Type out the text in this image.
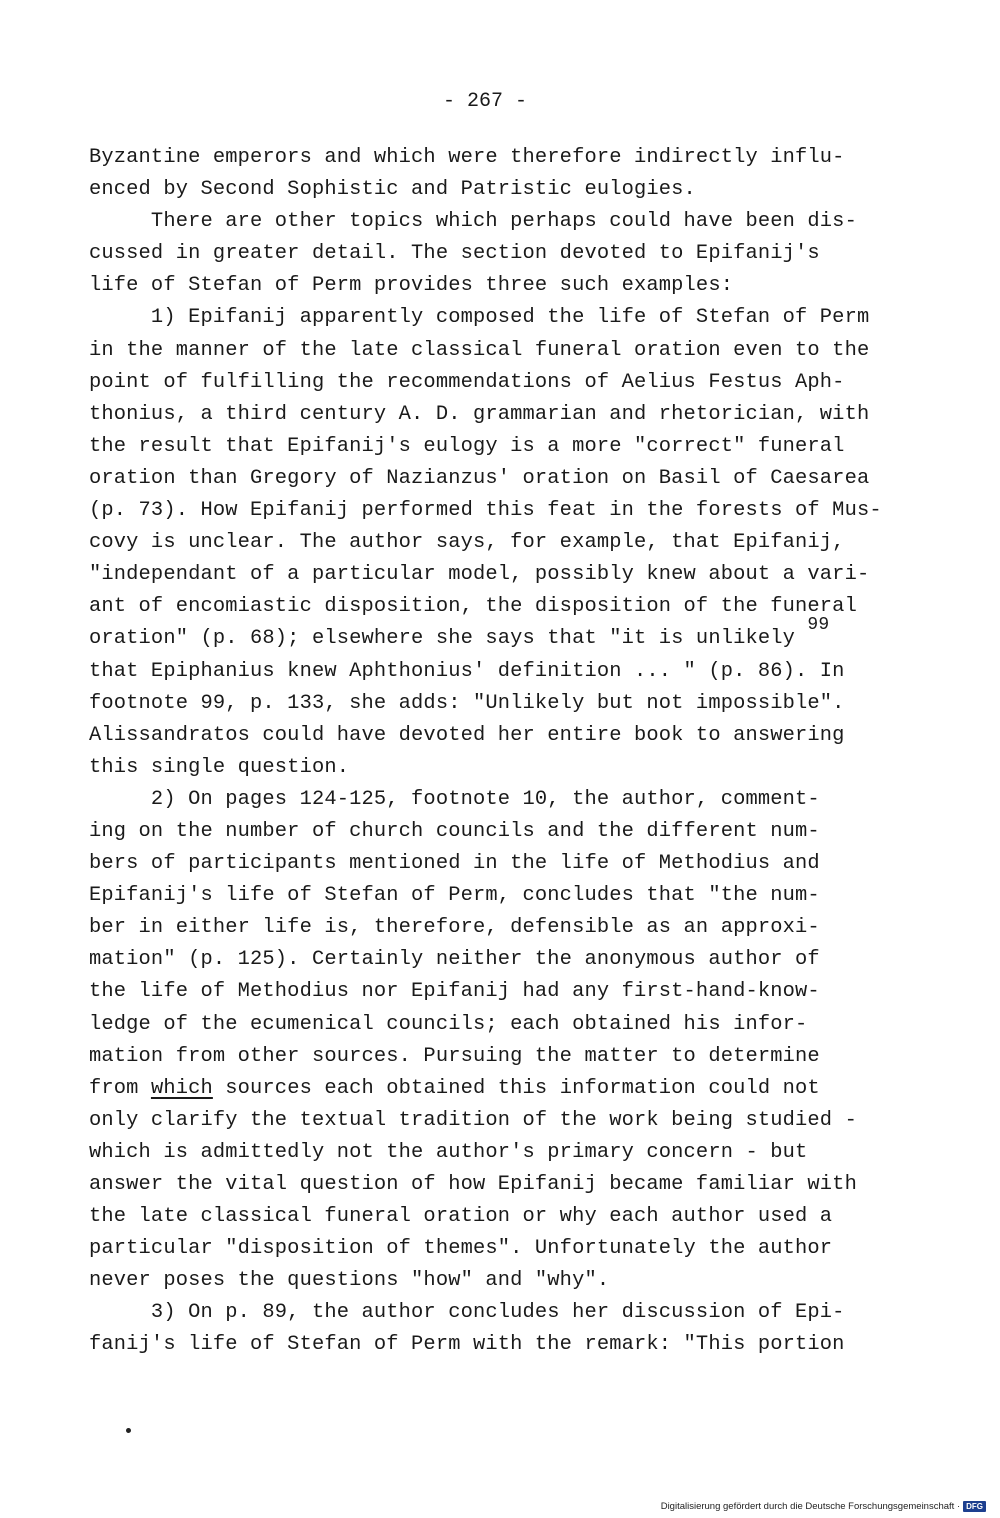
- 267 -
Byzantine emperors and which were therefore indirectly influ-
enced by Second Sophistic and Patristic eulogies.
There are other topics which perhaps could have been dis-
cussed in greater detail. The section devoted to Epifanij's
life of Stefan of Perm provides three such examples:
1) Epifanij apparently composed the life of Stefan of Perm
in the manner of the late classical funeral oration even to the
point of fulfilling the recommendations of Aelius Festus Aph-
thonius, a third century A. D. grammarian and rhetorician, with
the result that Epifanij's eulogy is a more "correct" funeral
oration than Gregory of Nazianzus' oration on Basil of Caesarea
(p. 73). How Epifanij performed this feat in the forests of Mus-
covy is unclear. The author says, for example, that Epifanij,
"independant of a particular model, possibly knew about a vari-
ant of encomiastic disposition, the disposition of the funeral
oration" (p. 68); elsewhere she says that "it is unlikely 99
that Epiphanius knew Aphthonius' definition ... " (p. 86). In
footnote 99, p. 133, she adds: "Unlikely but not impossible".
Alissandratos could have devoted her entire book to answering
this single question.
2) On pages 124-125, footnote 10, the author, comment-
ing on the number of church councils and the different num-
bers of participants mentioned in the life of Methodius and
Epifanij's life of Stefan of Perm, concludes that "the num-
ber in either life is, therefore, defensible as an approxi-
mation" (p. 125). Certainly neither the anonymous author of
the life of Methodius nor Epifanij had any first-hand-know-
ledge of the ecumenical councils; each obtained his infor-
mation from other sources. Pursuing the matter to determine
from which sources each obtained this information could not
only clarify the textual tradition of the work being studied -
which is admittedly not the author's primary concern - but
answer the vital question of how Epifanij became familiar with
the late classical funeral oration or why each author used a
particular "disposition of themes". Unfortunately the author
never poses the questions "how" and "why".
3) On p. 89, the author concludes her discussion of Epi-
fanij's life of Stefan of Perm with the remark: "This portion
Digitalisierung gefördert durch die Deutsche Forschungsgemeinschaft · DFG
